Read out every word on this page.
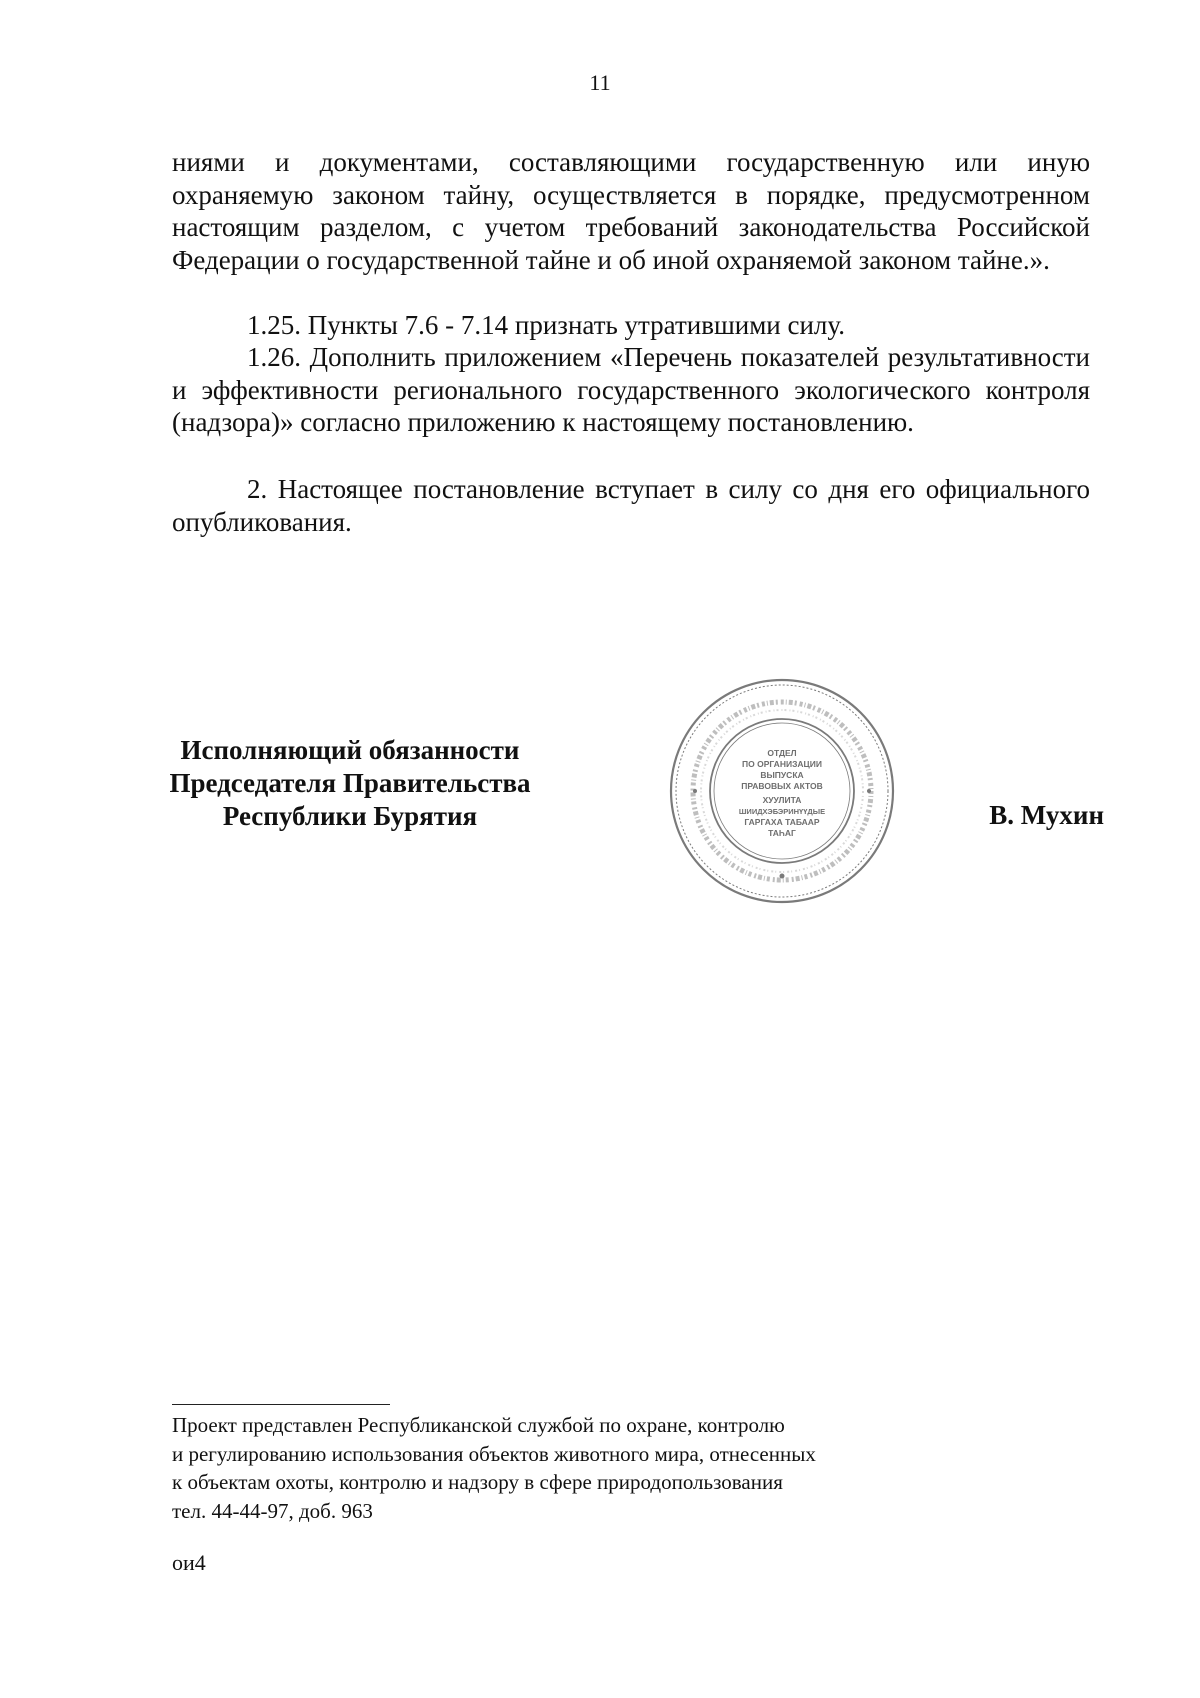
11

ниями и документами, составляющими государственную или иную охраняемую законом тайну, осуществляется в порядке, предусмотренном настоящим разделом, с учетом требований законодательства Российской Федерации о государственной тайне и об иной охраняемой законом тайне.».

1.25. Пункты 7.6 - 7.14 признать утратившими силу.

1.26. Дополнить приложением «Перечень показателей результативности и эффективности регионального государственного экологического контроля (надзора)» согласно приложению к настоящему постановлению.

2. Настоящее постановление вступает в силу со дня его официального опубликования.

Исполняющий обязанности
Председателя Правительства
Республики Бурятия
ОТДЕЛ
ПО ОРГАНИЗАЦИИ
ВЫПУСКА
ПРАВОВЫХ АКТОВ
ХУУЛИТА
ШИИДХЭБЭРИНҮҮДЫЕ
ГАРГАХА ТАБААР
ТАҺАГ
В. Мухин
Проект представлен Республиканской службой по охране, контролю
и регулированию использования объектов животного мира, отнесенных
к объектам охоты, контролю и надзору в сфере природопользования
тел. 44-44-97, доб. 963
ои4
